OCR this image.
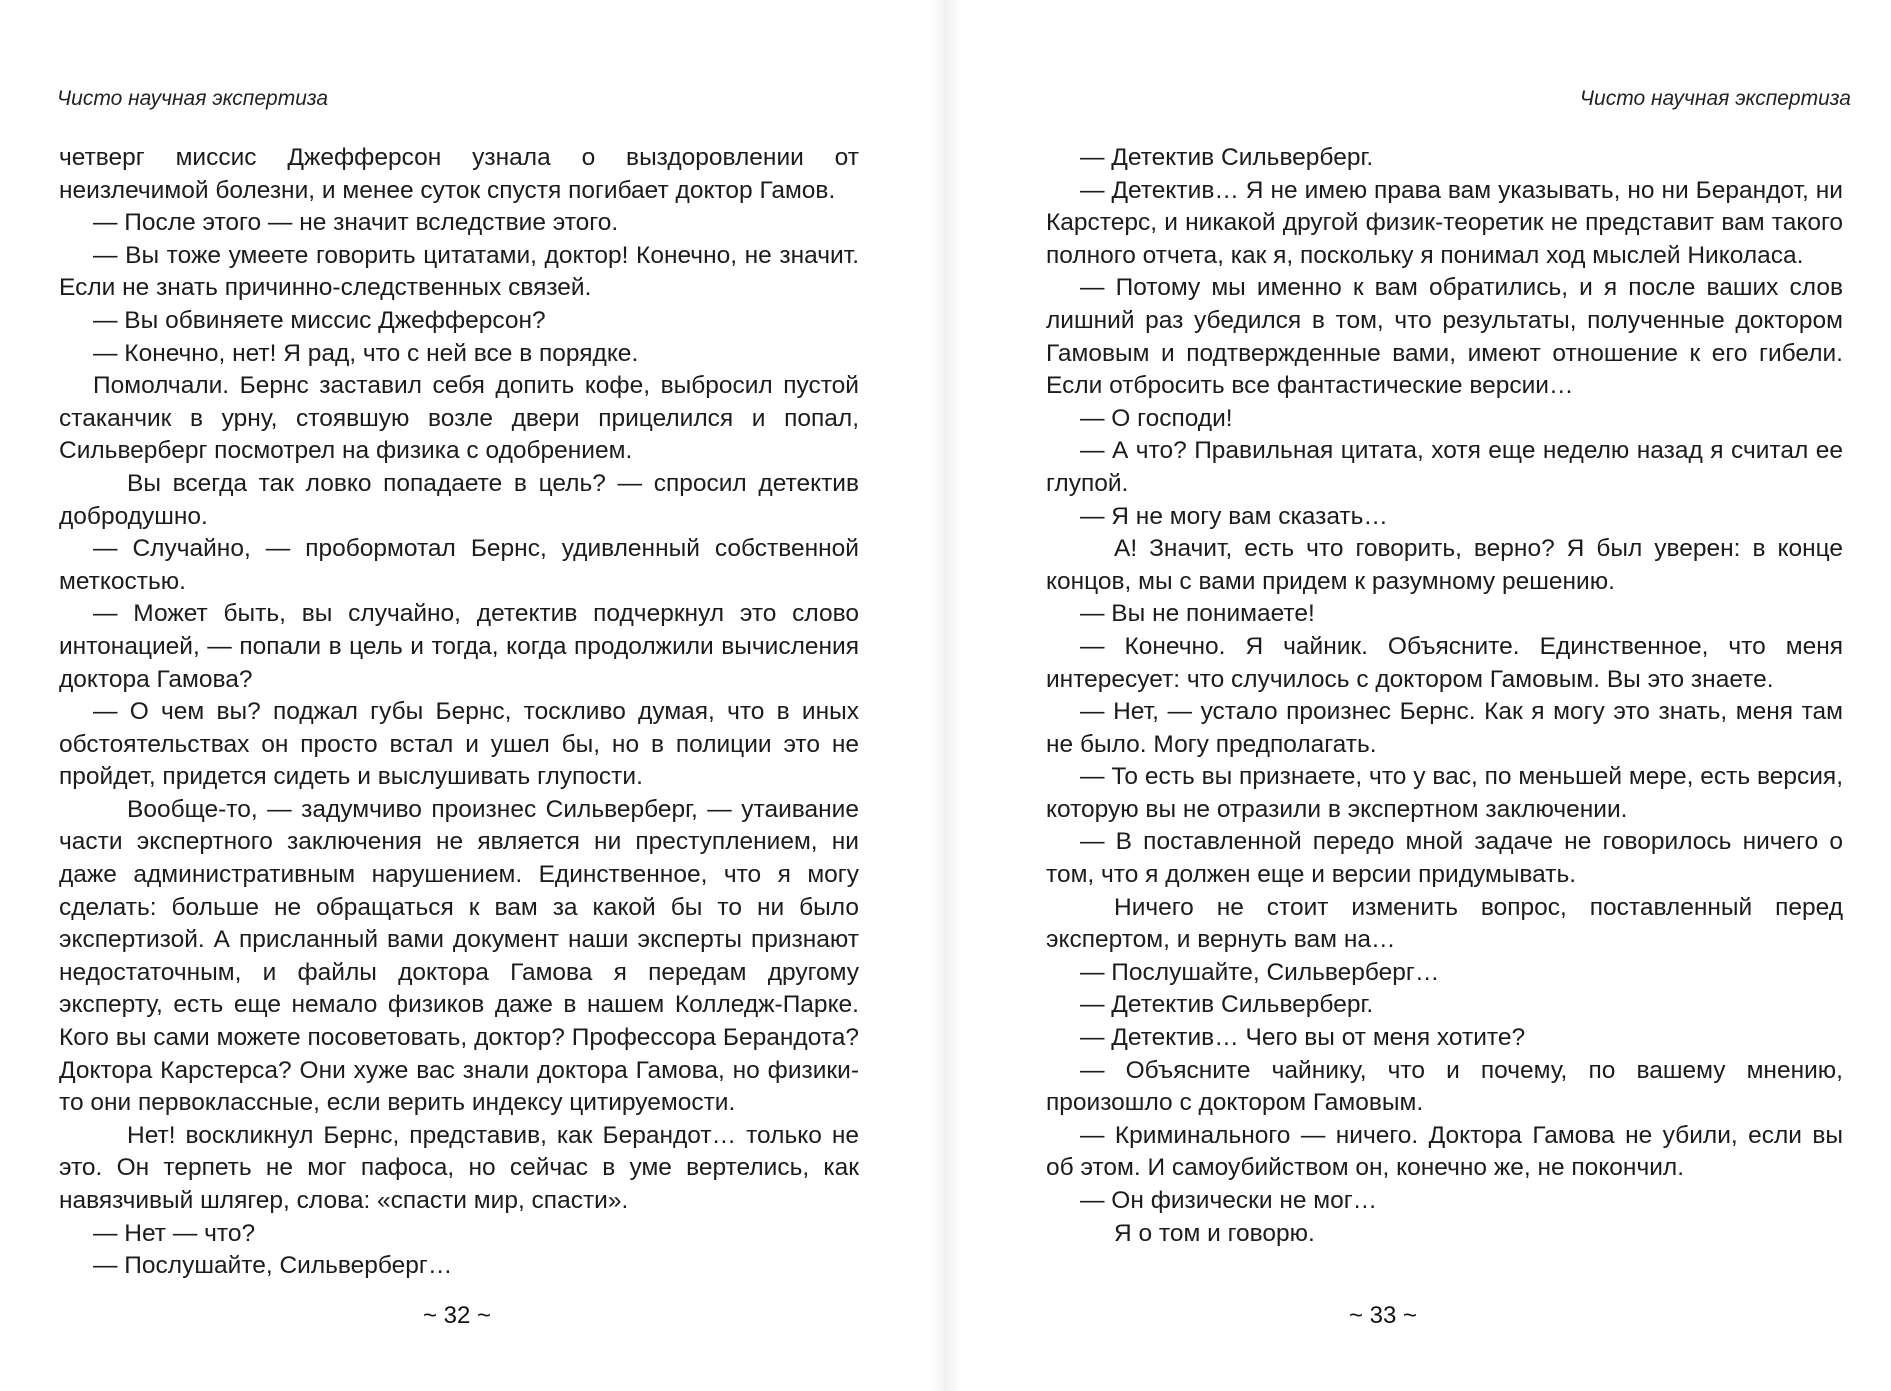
Чисто научная экспертиза

четверг миссис Джефферсон узнала о выздоровлении от неизлечимой болезни, и менее суток спустя погибает доктор Гамов.

— После этого — не значит вследствие этого.

— Вы тоже умеете говорить цитатами, доктор! Конечно, не значит. Если не знать причинно-следственных связей.

— Вы обвиняете миссис Джефферсон?

— Конечно, нет! Я рад, что с ней все в порядке.

Помолчали. Бернс заставил себя допить кофе, выбросил пустой стаканчик в урну, стоявшую возле двери прицелился и попал, Сильверберг посмотрел на физика с одобрением.

Вы всегда так ловко попадаете в цель? — спросил детектив добродушно.

— Случайно, — пробормотал Бернс, удивленный собственной меткостью.

— Может быть, вы случайно, детектив подчеркнул это слово интонацией, — попали в цель и тогда, когда продолжили вычисления доктора Гамова?

— О чем вы? поджал губы Бернс, тоскливо думая, что в иных обстоятельствах он просто встал и ушел бы, но в полиции это не пройдет, придется сидеть и выслушивать глупости.

Вообще-то, — задумчиво произнес Сильверберг, — утаивание части экспертного заключения не является ни преступлением, ни даже административным нарушением. Единственное, что я могу сделать: больше не обращаться к вам за какой бы то ни было экспертизой. А присланный вами документ наши эксперты признают недостаточным, и файлы доктора Гамова я передам другому эксперту, есть еще немало физиков даже в нашем Колледж-Парке. Кого вы сами можете посоветовать, доктор? Профессора Берандота? Доктора Карстерса? Они хуже вас знали доктора Гамова, но физики-то они первоклассные, если верить индексу цитируемости.

Нет! воскликнул Бернс, представив, как Берандот… только не это. Он терпеть не мог пафоса, но сейчас в уме вертелись, как навязчивый шлягер, слова: «спасти мир, спасти».

— Нет — что?

— Послушайте, Сильверберг…

~ 32 ~

Чисто научная экспертиза

— Детектив Сильверберг.

— Детектив… Я не имею права вам указывать, но ни Берандот, ни Карстерс, и никакой другой физик-теоретик не представит вам такого полного отчета, как я, поскольку я понимал ход мыслей Николаса.

— Потому мы именно к вам обратились, и я после ваших слов лишний раз убедился в том, что результаты, полученные доктором Гамовым и подтвержденные вами, имеют отношение к его гибели. Если отбросить все фантастические версии…

— О господи!

— А что? Правильная цитата, хотя еще неделю назад я считал ее глупой.

— Я не могу вам сказать…

А! Значит, есть что говорить, верно? Я был уверен: в конце концов, мы с вами придем к разумному решению.

— Вы не понимаете!

— Конечно. Я чайник. Объясните. Единственное, что меня интересует: что случилось с доктором Гамовым. Вы это знаете.

— Нет, — устало произнес Бернс. Как я могу это знать, меня там не было. Могу предполагать.

— То есть вы признаете, что у вас, по меньшей мере, есть версия, которую вы не отразили в экспертном заключении.

— В поставленной передо мной задаче не говорилось ничего о том, что я должен еще и версии придумывать.

Ничего не стоит изменить вопрос, поставленный перед экспертом, и вернуть вам на…

— Послушайте, Сильверберг…

— Детектив Сильверберг.

— Детектив… Чего вы от меня хотите?

— Объясните чайнику, что и почему, по вашему мнению, произошло с доктором Гамовым.

— Криминального — ничего. Доктора Гамова не убили, если вы об этом. И самоубийством он, конечно же, не покончил.

— Он физически не мог…

Я о том и говорю.

~ 33 ~
